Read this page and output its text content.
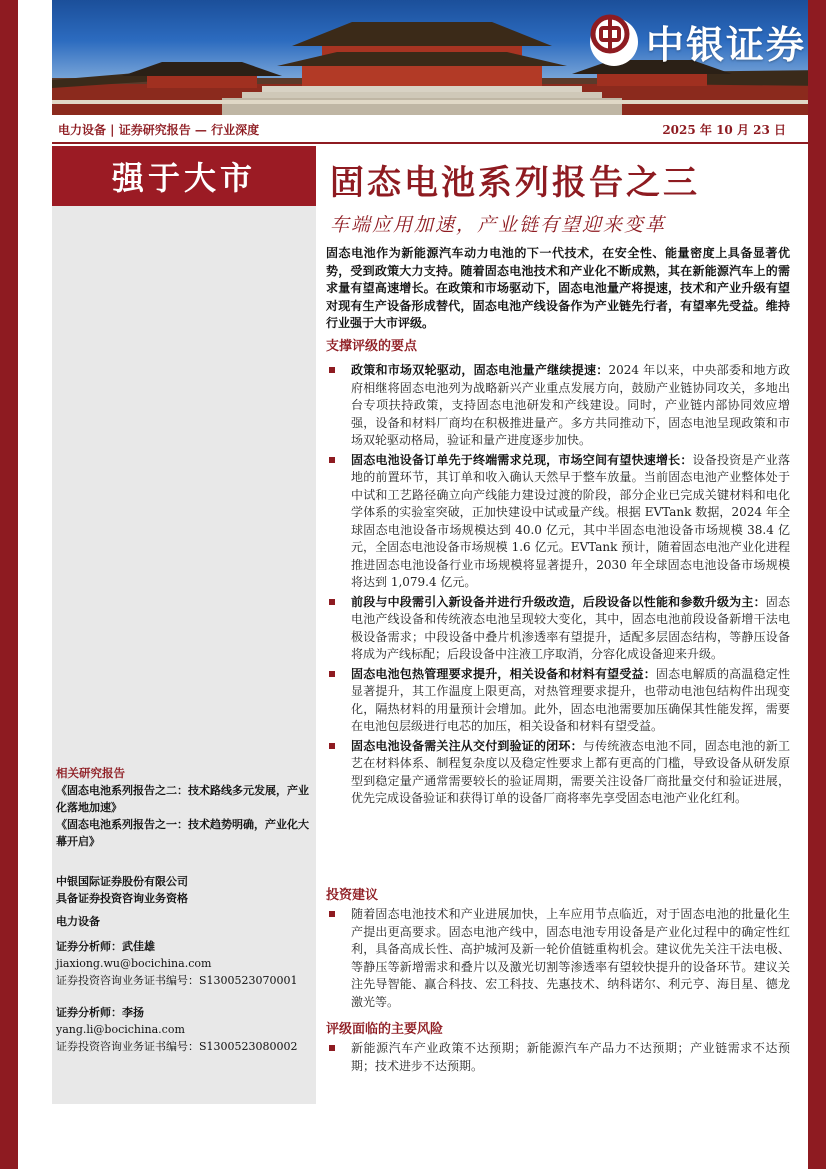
中银证券
电力设备 | 证券研究报告 — 行业深度	2025 年 10 月 23 日
强于大市	固态电池系列报告之三
车端应用加速，产业链有望迎来变革
固态电池作为新能源汽车动力电池的下一代技术，在安全性、能量密度上具备显著优势，受到政策大力支持。随着固态电池技术和产业化不断成熟，其在新能源汽车上的需求量有望高速增长。在政策和市场驱动下，固态电池量产将提速，技术和产业升级有望对现有生产设备形成替代，固态电池产线设备作为产业链先行者，有望率先受益。维持行业强于大市评级。
支撑评级的要点
政策和市场双轮驱动，固态电池量产继续提速：2024 年以来，中央部委和地方政府相继将固态电池列为战略新兴产业重点发展方向，鼓励产业链协同攻关，多地出台专项扶持政策，支持固态电池研发和产线建设。同时，产业链内部协同效应增强，设备和材料厂商均在积极推进量产。多方共同推动下，固态电池呈现政策和市场双轮驱动格局，验证和量产进度逐步加快。
固态电池设备订单先于终端需求兑现，市场空间有望快速增长：设备投资是产业落地的前置环节，其订单和收入确认天然早于整车放量。当前固态电池产业整体处于中试和工艺路径确立向产线能力建设过渡的阶段，部分企业已完成关键材料和电化学体系的实验室突破，正加快建设中试或量产线。根据 EVTank 数据，2024 年全球固态电池设备市场规模达到 40.0 亿元，其中半固态电池设备市场规模 38.4 亿元，全固态电池设备市场规模 1.6 亿元。EVTank 预计，随着固态电池产业化进程推进固态电池设备行业市场规模将显著提升，2030 年全球固态电池设备市场规模将达到 1,079.4 亿元。
前段与中段需引入新设备并进行升级改造，后段设备以性能和参数升级为主：固态电池产线设备和传统液态电池呈现较大变化，其中，固态电池前段设备新增干法电极设备需求；中段设备中叠片机渗透率有望提升，适配多层固态结构，等静压设备将成为产线标配；后段设备中注液工序取消，分容化成设备迎来升级。
固态电池包热管理要求提升，相关设备和材料有望受益：固态电解质的高温稳定性显著提升，其工作温度上限更高，对热管理要求提升，也带动电池包结构件出现变化，隔热材料的用量预计会增加。此外，固态电池需要加压确保其性能发挥，需要在电池包层级进行电芯的加压，相关设备和材料有望受益。
固态电池设备需关注从交付到验证的闭环：与传统液态电池不同，固态电池的新工艺在材料体系、制程复杂度以及稳定性要求上都有更高的门槛，导致设备从研发原型到稳定量产通常需要较长的验证周期，需要关注设备厂商批量交付和验证进展，优先完成设备验证和获得订单的设备厂商将率先享受固态电池产业化红利。
投资建议
随着固态电池技术和产业进展加快，上车应用节点临近，对于固态电池的批量化生产提出更高要求。固态电池产线中，固态电池专用设备是产业化过程中的确定性红利，具备高成长性、高护城河及新一轮价值链重构机会。建议优先关注干法电极、等静压等新增需求和叠片以及激光切割等渗透率有望较快提升的设备环节。建议关注先导智能、赢合科技、宏工科技、先惠技术、纳科诺尔、利元亨、海目星、德龙激光等。
评级面临的主要风险
新能源汽车产业政策不达预期；新能源汽车产品力不达预期；产业链需求不达预期；技术进步不达预期。
相关研究报告
《固态电池系列报告之二：技术路线多元发展，产业化落地加速》
《固态电池系列报告之一：技术趋势明确，产业化大幕开启》
中银国际证券股份有限公司
具备证券投资咨询业务资格
电力设备
证券分析师：武佳雄
jiaxiong.wu@bocichina.com
证券投资咨询业务证书编号：S1300523070001
证券分析师：李扬
yang.li@bocichina.com
证券投资咨询业务证书编号：S1300523080002
